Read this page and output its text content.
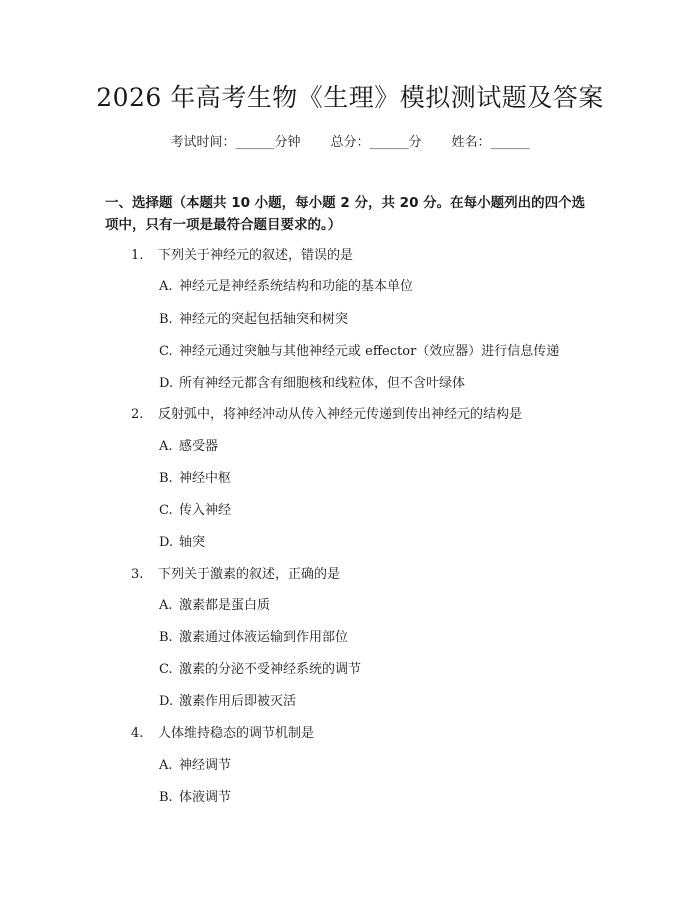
2026 年高考生物《生理》模拟测试题及答案
考试时间：______分钟 总分：______分 姓名：______

一、选择题（本题共 10 小题，每小题 2 分，共 20 分。在每小题列出的四个选项中，只有一项是最符合题目要求的。）

1. 下列关于神经元的叙述，错误的是
A. 神经元是神经系统结构和功能的基本单位
B. 神经元的突起包括轴突和树突
C. 神经元通过突触与其他神经元或 effector（效应器）进行信息传递
D. 所有神经元都含有细胞核和线粒体，但不含叶绿体
2. 反射弧中，将神经冲动从传入神经元传递到传出神经元的结构是
A. 感受器
B. 神经中枢
C. 传入神经
D. 轴突
3. 下列关于激素的叙述，正确的是
A. 激素都是蛋白质
B. 激素通过体液运输到作用部位
C. 激素的分泌不受神经系统的调节
D. 激素作用后即被灭活
4. 人体维持稳态的调节机制是
A. 神经调节
B. 体液调节
